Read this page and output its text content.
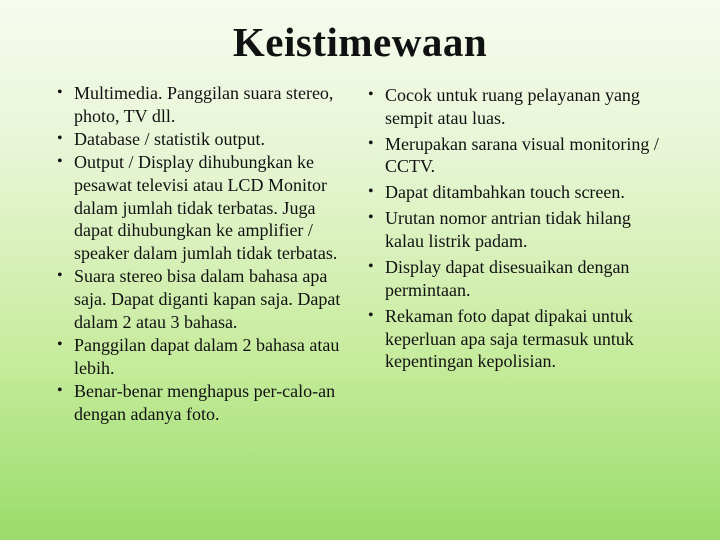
Keistimewaan
• Multimedia. Panggilan suara stereo, photo, TV dll.
• Database / statistik output.
• Output / Display dihubungkan ke pesawat televisi atau LCD Monitor dalam jumlah tidak terbatas. Juga dapat dihubungkan ke amplifier / speaker dalam jumlah tidak terbatas.
• Suara stereo bisa dalam bahasa apa saja. Dapat diganti kapan saja. Dapat dalam 2 atau 3 bahasa.
• Panggilan dapat dalam 2 bahasa atau lebih.
• Benar-benar menghapus per-calo-an dengan adanya foto.
• Cocok untuk ruang pelayanan yang sempit atau luas.
• Merupakan sarana visual monitoring / CCTV.
• Dapat ditambahkan touch screen.
• Urutan nomor antrian tidak hilang kalau listrik padam.
• Display dapat disesuaikan dengan permintaan.
• Rekaman foto dapat dipakai untuk keperluan apa saja termasuk untuk kepentingan kepolisian.
